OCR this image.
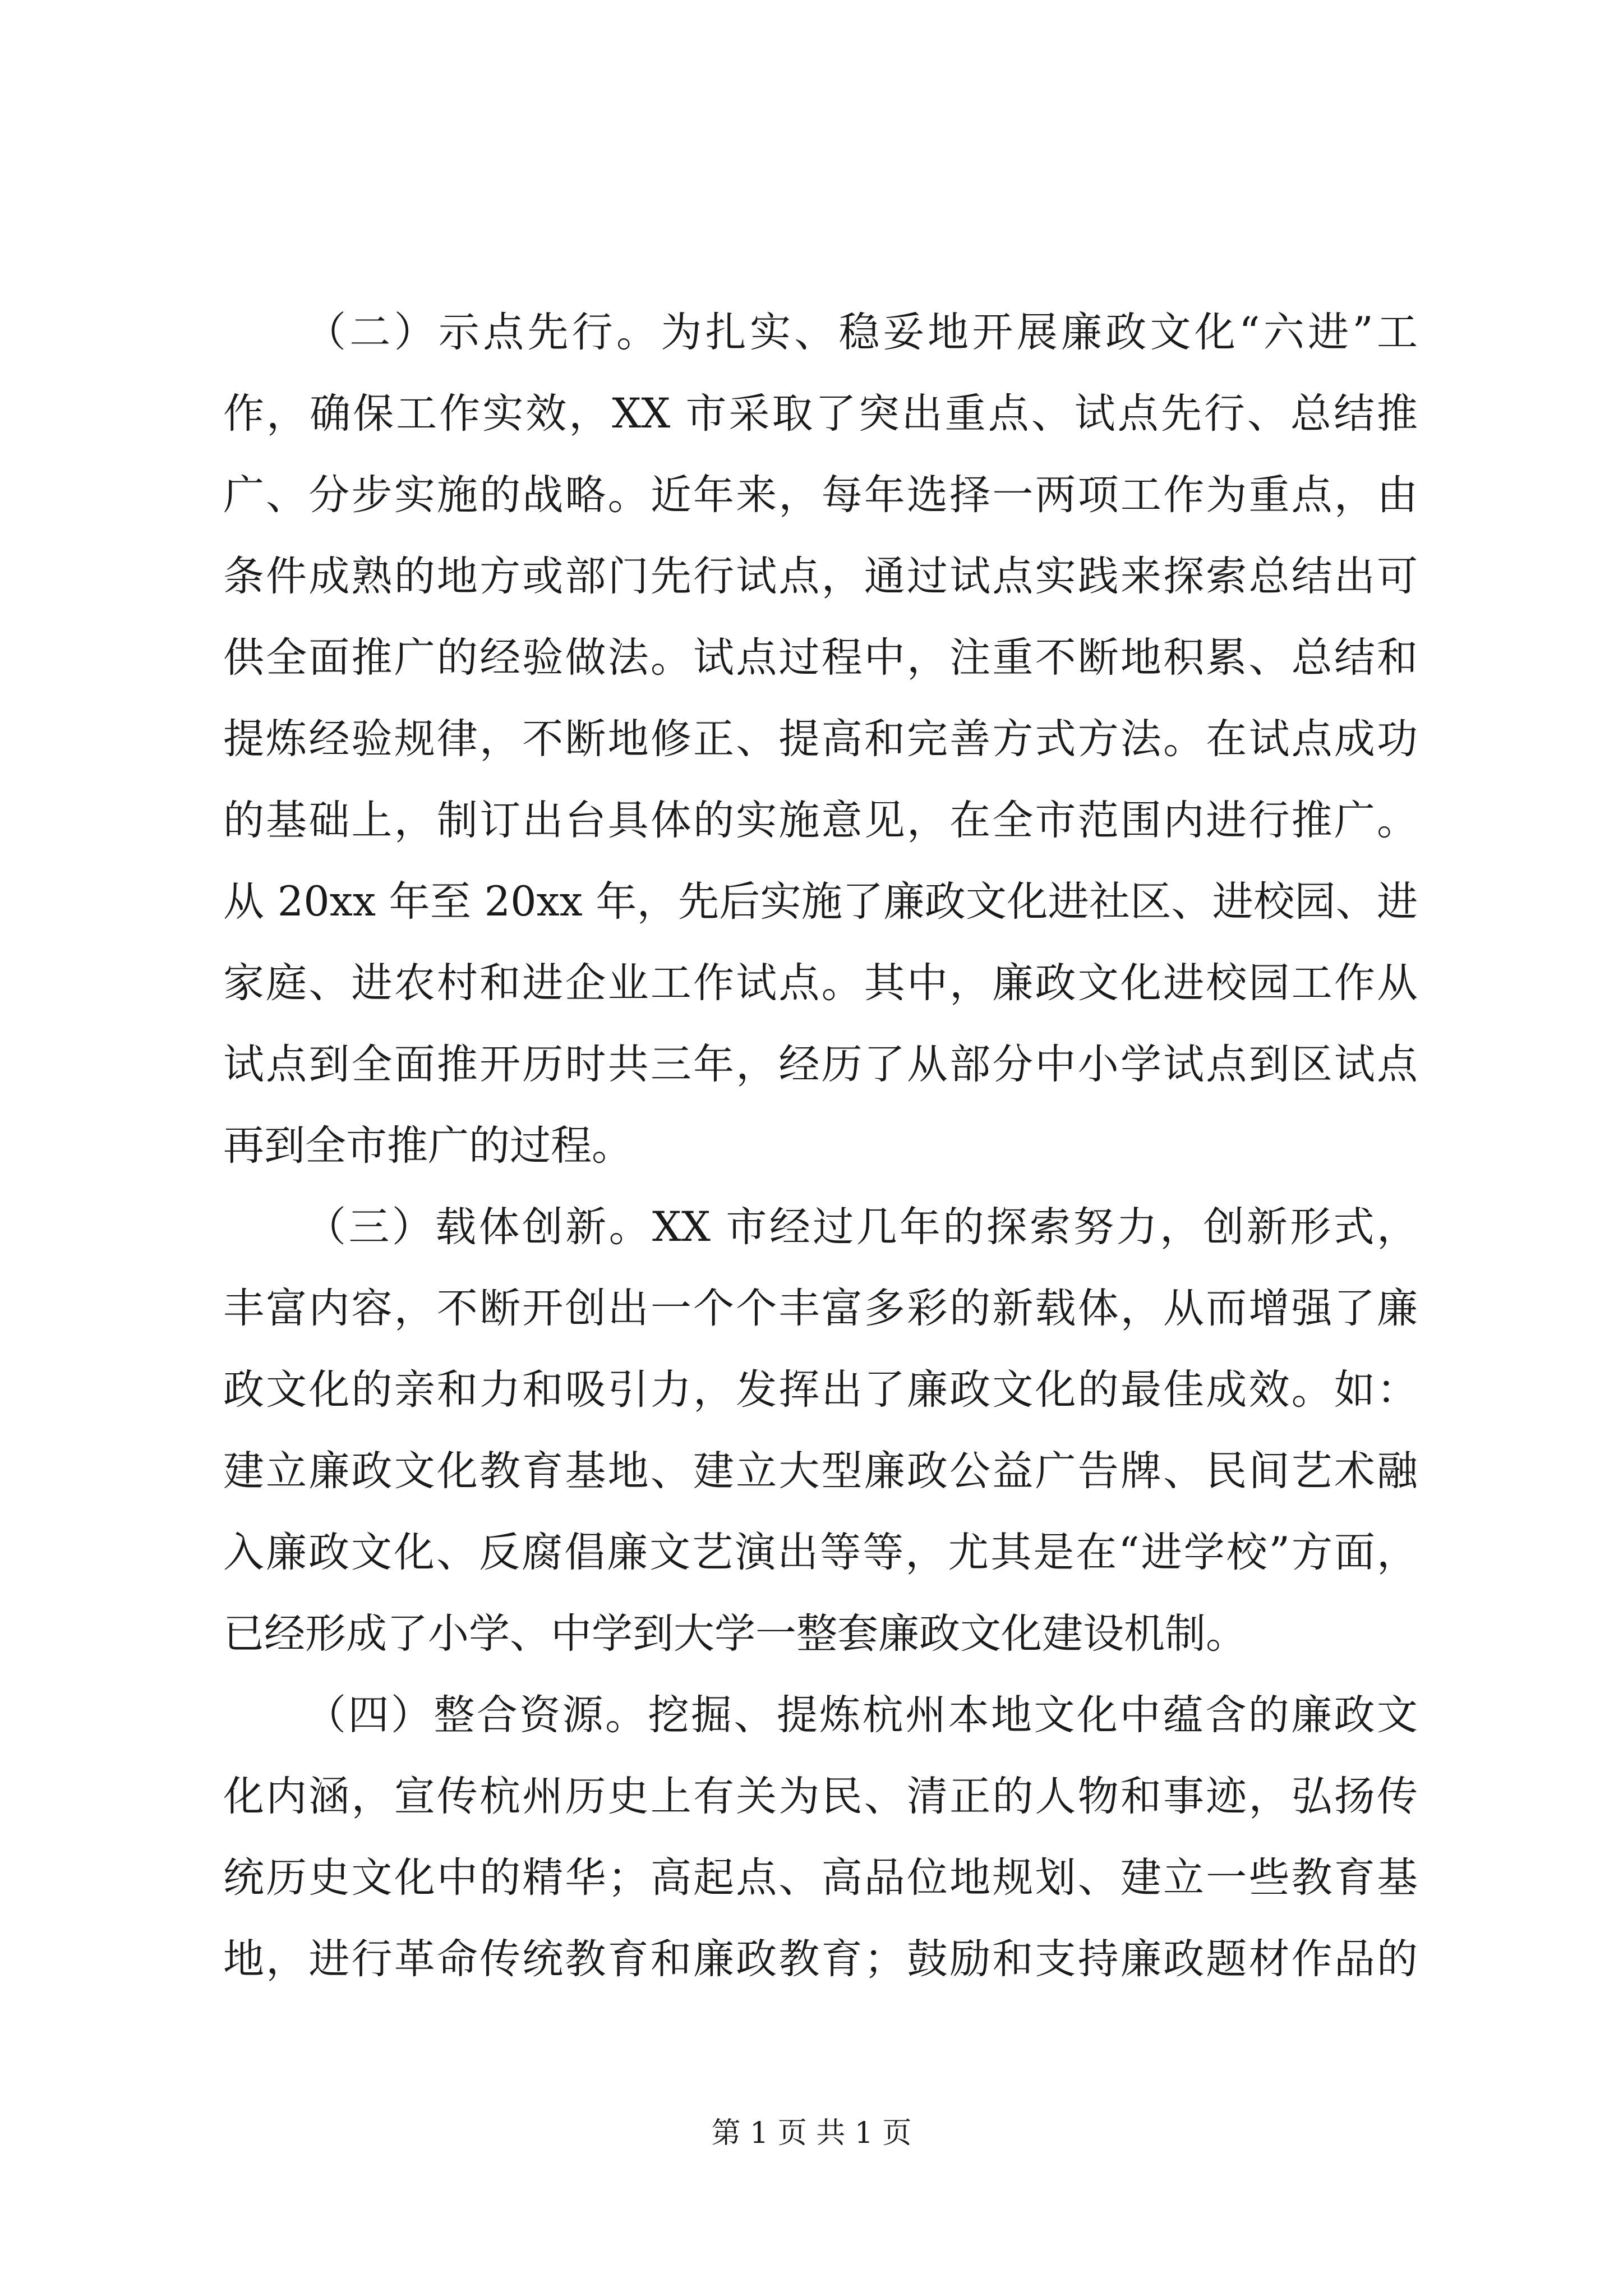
（二）示点先行。为扎实、稳妥地开展廉政文化“六进”工
作，确保工作实效，XX 市采取了突出重点、试点先行、总结推
广、分步实施的战略。近年来，每年选择一两项工作为重点，由
条件成熟的地方或部门先行试点，通过试点实践来探索总结出可
供全面推广的经验做法。试点过程中，注重不断地积累、总结和
提炼经验规律，不断地修正、提高和完善方式方法。在试点成功
的基础上，制订出台具体的实施意见，在全市范围内进行推广。
从 20xx 年至 20xx 年，先后实施了廉政文化进社区、进校园、进
家庭、进农村和进企业工作试点。其中，廉政文化进校园工作从
试点到全面推开历时共三年，经历了从部分中小学试点到区试点
再到全市推广的过程。
（三）载体创新。XX 市经过几年的探索努力，创新形式，
丰富内容，不断开创出一个个丰富多彩的新载体，从而增强了廉
政文化的亲和力和吸引力，发挥出了廉政文化的最佳成效。如：
建立廉政文化教育基地、建立大型廉政公益广告牌、民间艺术融
入廉政文化、反腐倡廉文艺演出等等，尤其是在“进学校”方面，
已经形成了小学、中学到大学一整套廉政文化建设机制。
（四）整合资源。挖掘、提炼杭州本地文化中蕴含的廉政文
化内涵，宣传杭州历史上有关为民、清正的人物和事迹，弘扬传
统历史文化中的精华；高起点、高品位地规划、建立一些教育基
地，进行革命传统教育和廉政教育；鼓励和支持廉政题材作品的
第 1 页 共 1 页
